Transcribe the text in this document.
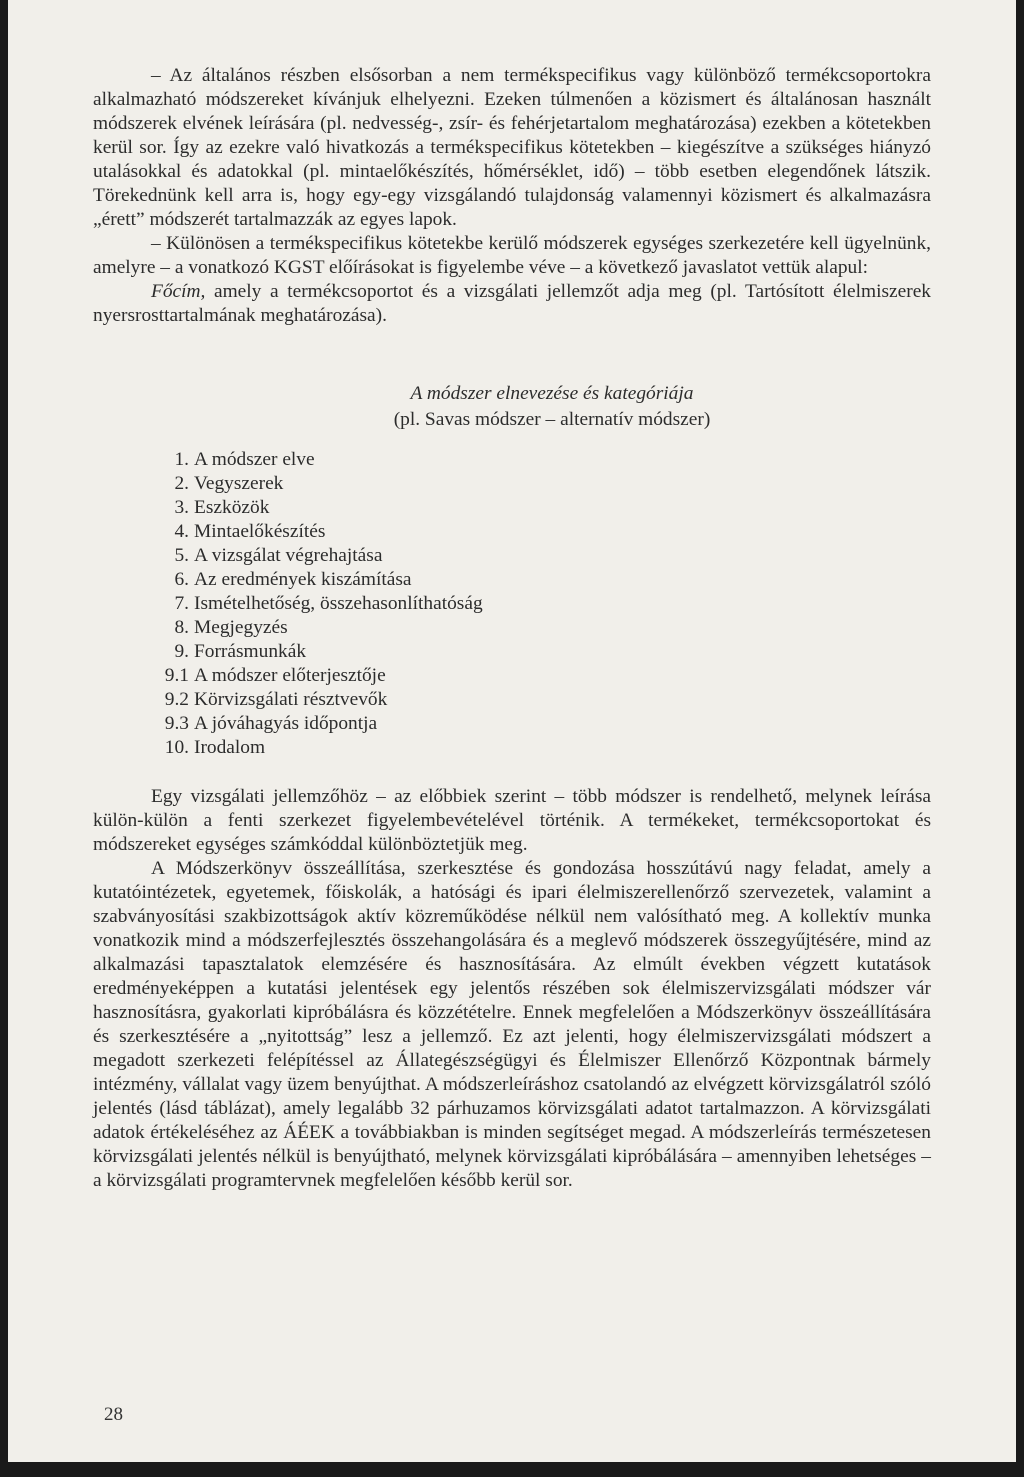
– Az általános részben elsősorban a nem termékspecifikus vagy különböző termékcsoportokra alkalmazható módszereket kívánjuk elhelyezni. Ezeken túlmenően a közismert és általánosan használt módszerek elvének leírására (pl. nedvesség-, zsír- és fehérjetartalom meghatározása) ezekben a kötetekben kerül sor. Így az ezekre való hivatkozás a termékspecifikus kötetekben – kiegészítve a szükséges hiányzó utalásokkal és adatokkal (pl. mintaelőkészítés, hőmérséklet, idő) – több esetben elegendőnek látszik. Törekednünk kell arra is, hogy egy-egy vizsgálandó tulajdonság valamennyi közismert és alkalmazásra „érett” módszerét tartalmazzák az egyes lapok.

– Különösen a termékspecifikus kötetekbe kerülő módszerek egységes szerkezetére kell ügyelnünk, amelyre – a vonatkozó KGST előírásokat is figyelembe véve – a következő javaslatot vettük alapul:

Főcím, amely a termékcsoportot és a vizsgálati jellemzőt adja meg (pl. Tartósított élelmiszerek nyersrosttartalmának meghatározása).

A módszer elnevezése és kategóriája

(pl. Savas módszer – alternatív módszer)

1. A módszer elve
2. Vegyszerek
3. Eszközök
4. Mintaelőkészítés
5. A vizsgálat végrehajtása
6. Az eredmények kiszámítása
7. Ismételhetőség, összehasonlíthatóság
8. Megjegyzés
9. Forrásmunkák
9.1 A módszer előterjesztője
9.2 Körvizsgálati résztvevők
9.3 A jóváhagyás időpontja
10. Irodalom

Egy vizsgálati jellemzőhöz – az előbbiek szerint – több módszer is rendelhető, melynek leírása külön-külön a fenti szerkezet figyelembevételével történik. A termékeket, termékcsoportokat és módszereket egységes számkóddal különböztetjük meg.

A Módszerkönyv összeállítása, szerkesztése és gondozása hosszútávú nagy feladat, amely a kutatóintézetek, egyetemek, főiskolák, a hatósági és ipari élelmiszerellenőrző szervezetek, valamint a szabványosítási szakbizottságok aktív közreműködése nélkül nem valósítható meg. A kollektív munka vonatkozik mind a módszerfejlesztés összehangolására és a meglevő módszerek összegyűjtésére, mind az alkalmazási tapasztalatok elemzésére és hasznosítására. Az elmúlt években végzett kutatások eredményeképpen a kutatási jelentések egy jelentős részében sok élelmiszervizsgálati módszer vár hasznosításra, gyakorlati kipróbálásra és közzétételre. Ennek megfelelően a Módszerkönyv összeállítására és szerkesztésére a „nyitottság” lesz a jellemző. Ez azt jelenti, hogy élelmiszervizsgálati módszert a megadott szerkezeti felépítéssel az Állategészségügyi és Élelmiszer Ellenőrző Központnak bármely intézmény, vállalat vagy üzem benyújthat. A módszerleíráshoz csatolandó az elvégzett körvizsgálatról szóló jelentés (lásd táblázat), amely legalább 32 párhuzamos körvizsgálati adatot tartalmazzon. A körvizsgálati adatok értékeléséhez az ÁÉEK a továbbiakban is minden segítséget megad. A módszerleírás természetesen körvizsgálati jelentés nélkül is benyújtható, melynek körvizsgálati kipróbálására – amennyiben lehetséges – a körvizsgálati programtervnek megfelelően később kerül sor.

28
